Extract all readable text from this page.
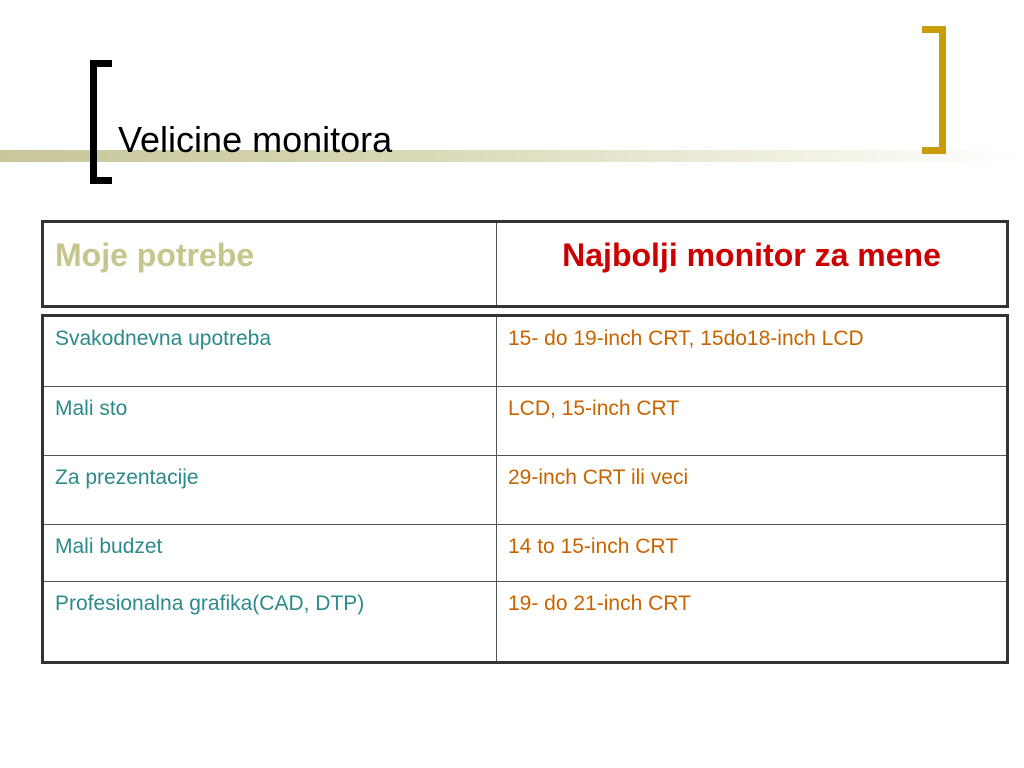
Velicine monitora
Moje potrebe	Najbolji monitor za mene
Svakodnevna upotreba	15- do 19-inch CRT, 15do18-inch LCD
Mali sto	LCD, 15-inch CRT
Za prezentacije	29-inch CRT ili veci
Mali budzet	14 to 15-inch CRT
Profesionalna grafika(CAD, DTP)	19- do 21-inch CRT
